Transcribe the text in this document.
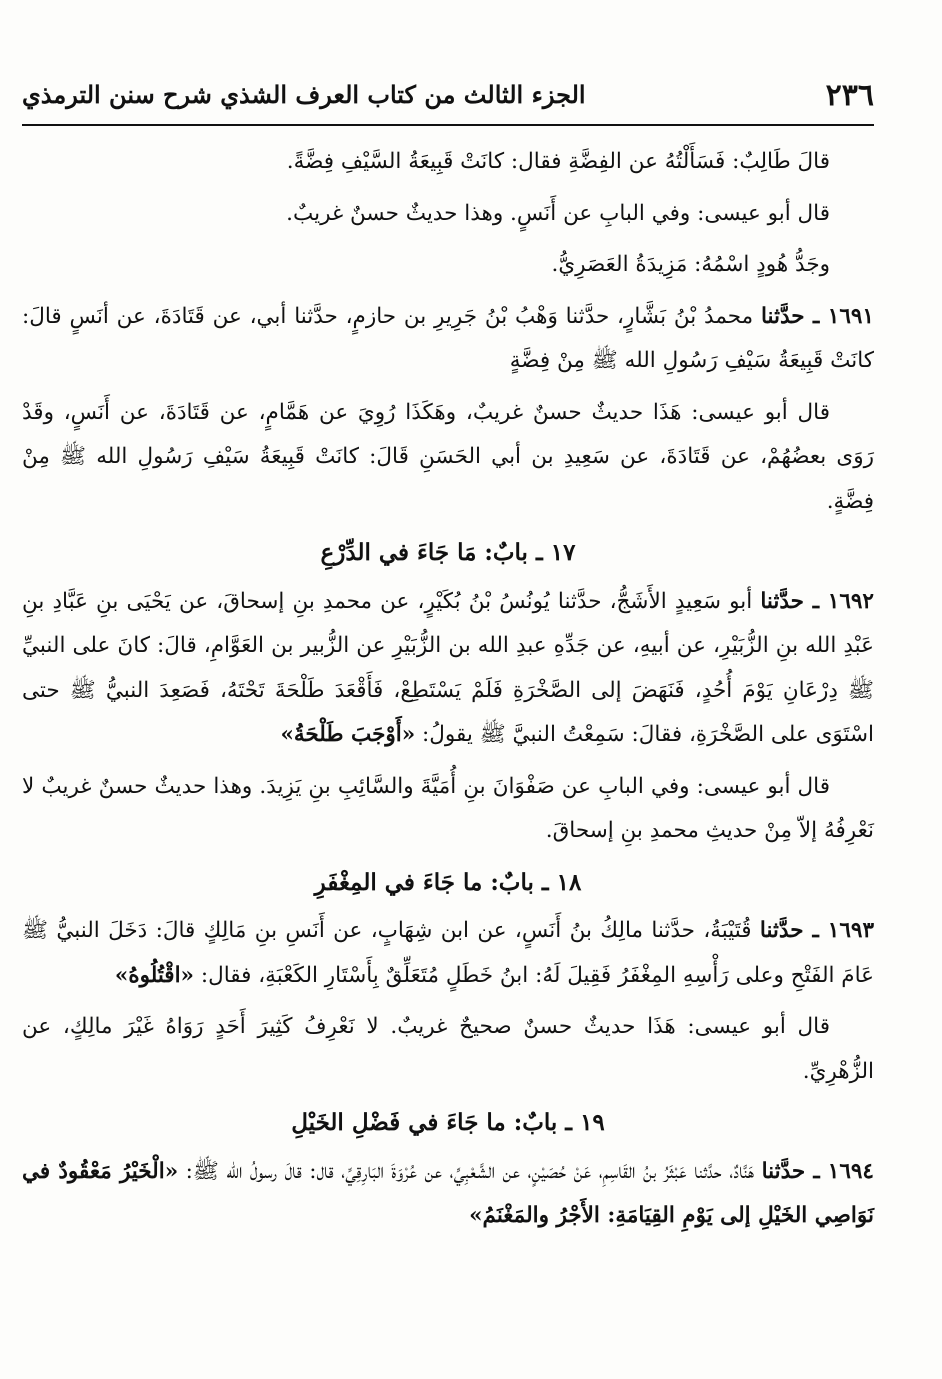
٢٣٦
الجزء الثالث من كتاب العرف الشذي شرح سنن الترمذي

قالَ طَالِبٌ: فَسَأَلْتُهُ عن الفِضَّةِ فقال: كانَتْ قَبِيعَةُ السَّيْفِ فِضَّةً.

قال أبو عيسى: وفي البابِ عن أَنَسٍ. وهذا حديثٌ حسنٌ غريبٌ.

وجَدُّ هُودٍ اسْمُهُ: مَزِيدَةُ العَصَرِيُّ.

١٦٩١ ـ حدَّثنا محمدُ بْنُ بَشَّارٍ، حدَّثنا وَهْبُ بْنُ جَرِيرِ بن حازمٍ، حدَّثنا أبي، عن قَتَادَةَ، عن أنَسٍ قالَ: كانَتْ قَبِيعَةُ سَيْفِ رَسُولِ الله ﷺ مِنْ فِضَّةٍ

قال أبو عيسى: هَذَا حديثٌ حسنٌ غريبٌ، وهَكَذَا رُوِيَ عن هَمَّامٍ، عن قَتَادَةَ، عن أَنَسٍ، وقَدْ رَوَى بعضُهُمْ، عن قَتَادَةَ، عن سَعِيدِ بن أبي الحَسَنِ قَالَ: كانَتْ قَبِيعَةُ سَيْفِ رَسُولِ الله ﷺ مِنْ فِضَّةٍ.

١٧ ـ بابٌ: مَا جَاءَ في الدِّرْعِ

١٦٩٢ ـ حدَّثنا أبو سَعِيدٍ الأَشَجُّ، حدَّثنا يُونُسُ بْنُ بُكَيْرٍ، عن محمدِ بنِ إسحاقَ، عن يَحْيَى بنِ عَبَّادِ بنِ عَبْدِ الله بنِ الزُّبَيْرِ، عن أبيهِ، عن جَدِّهِ عبدِ الله بن الزُّبَيْرِ عن الزُّبير بن العَوَّامِ، قالَ: كانَ على النبيِّ ﷺ دِرْعَانِ يَوْمَ أُحُدٍ، فَنَهَضَ إلى الصَّخْرَةِ فَلَمْ يَسْتَطِعْ، فَأَقْعَدَ طَلْحَةَ تَحْتَهُ، فَصَعِدَ النبيُّ ﷺ حتى اسْتَوَى على الصَّخْرَةِ، فقالَ: سَمِعْتُ النبيَّ ﷺ يقولُ: «أَوْجَبَ طَلْحَةُ»

قال أبو عيسى: وفي البابِ عن صَفْوَانَ بنِ أُمَيَّةَ والسَّائِبِ بنِ يَزِيدَ. وهذا حديثٌ حسنٌ غريبٌ لا نَعْرِفُهُ إلاّ مِنْ حديثِ محمدِ بنِ إسحاقَ.

١٨ ـ بابٌ: ما جَاءَ في المِغْفَرِ

١٦٩٣ ـ حدَّثنا قُتَيْبَةُ، حدَّثنا مالِكُ بنُ أَنَسٍ، عن ابن شِهَابٍ، عن أَنَسِ بنِ مَالِكٍ قالَ: دَخَلَ النبيُّ ﷺ عَامَ الفَتْحِ وعلى رَأْسِهِ المِغْفَرُ فَقِيلَ لَهُ: ابنُ خَطَلٍ مُتَعَلِّقٌ بِأَسْتَارِ الكَعْبَةِ، فقال: «اقْتُلُوهُ»

قال أبو عيسى: هَذَا حديثٌ حسنٌ صحيحٌ غريبٌ. لا نَعْرِفُ كَثِيرَ أَحَدٍ رَوَاهُ غَيْرَ مالِكٍ، عن الزُّهْرِيِّ.

١٩ ـ بابٌ: ما جَاءَ في فَضْلِ الخَيْلِ

١٦٩٤ ـ حدَّثنا هَنَّادٌ، حدَّثنا عَبْثَرُ بنُ القَاسِمِ، عَنْ حُصَيْنٍ، عن الشَّعْبِيِّ، عن عُرْوَةَ البَارِقِيِّ، قال: قالَ رسولُ الله ﷺ: «الْخَيْرُ مَعْقُودٌ في نَوَاصِي الخَيْلِ إلى يَوْمِ القِيَامَةِ: الأَجْرُ والمَغْنَمُ»
